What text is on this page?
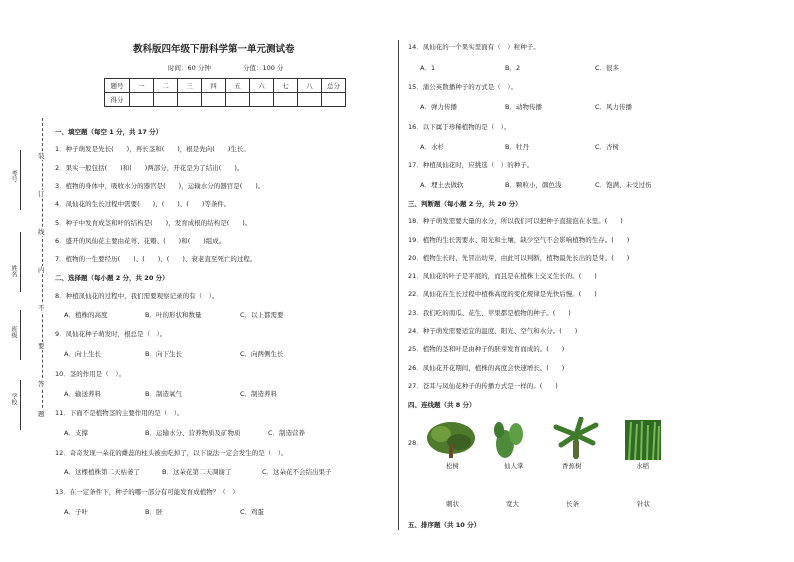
考号
姓名
班级
学校
装
订
线
内
不
要
答
题
教科版四年级下册科学第一单元测试卷
时间：60 分钟	分值：100 分
题号	一	二	三	四	五	六	七	八	总分
得分									
一、填空题（每空 1 分，共 17 分）
1．种子萌发是先长(　　)，再长茎和(　　)，根是先向(　　)生长。
2．果实一般包括(　　)和(　　)两部分，开花是为了结出(　　)。
3．植物的身体中，吸收水分的器官是(　　)，运输水分的器官是(　　)。
4．凤仙花的生长过程中需要(　　)、(　　)、(　　)等条件。
5．种子中发育成茎和叶的结构是(　　)，发育成根的结构是(　　)。
6．盛开的凤仙花主要由花萼、花瓣、(　　)和(　　)组成。
7．植物的一生要经历(　　)、(　　)、(　　)、衰老直至死亡的过程。
二、选择题（每小题 2 分，共 20 分）
8．种植凤仙花的过程中，我们需要观察记录的有（　）。
A．植株的高度	B．叶的形状和数量	C．以上都需要
9．凤仙花种子萌发时，根总是（　）。
A．向上生长	B．向下生长	C．向两侧生长
10．茎的作用是（　）。
A．输送养料	B．制造氧气	C．制造养料
11．下面不是植物茎的主要作用的是（　）。
A．支撑	B．运输水分、营养物质及矿物质	C．制造营养
12．奇奇发现一朵花的雌蕊的柱头被虫吃掉了，以下说法一定会发生的是（　）。
A．这棵植株第二天枯萎了	B．这朵花第二天凋谢了	C．这朵花不会结出果子
13．在一定条件下，种子的哪一部分有可能发育成植物？（　）
A．子叶	B．胚	C．鸡蛋
14．凤仙花的一个果实里面有（　）粒种子。
A．1	B．2	C．很多
15．蒲公英散播种子的方式是（　）。
A．弹力传播	B．动物传播	C．风力传播
16．以下属于珍稀植物的是（　）。
A．水杉	B．牡丹	C．杏树
17．种植凤仙花时，应挑选（　）的种子。
A．埋土去做软	B．颗粒小，颜色浅	C．饱满、未受过伤
三、判断题（每小题 2 分，共 20 分）
18．种子萌发需要大量的水分，所以我们可以把种子直接泡在水里。(　　)
19．植物的生长需要水、阳光和土壤，缺少空气不会影响植物的生存。(　　)
20．植物生长时，先冒出幼芽，由此可以判断，植物最先长出的是芽。(　　)
21．凤仙花的叶子是平展的，而且是在植株上交叉生长的。(　　)
22．凤仙花在生长过程中植株高度的变化规律是先快后慢。(　　)
23．我们吃的南瓜、花生、苹果都是植物的种子。(　　)
24．种子萌发需要适宜的温度、阳光、空气和水分。(　　)
25．植物的茎和叶是由种子的胚芽发育而成的。(　　)
26．凤仙花开花期间，植株的高度会快速增长。(　　)
27．苍耳与凤仙花种子的传播方式是一样的。(　　)
四、连线题（共 8 分）
28．
松树	仙人掌	香蕉树	水稻
刺状	宽大	长条	针状
五、排序题（共 10 分）
